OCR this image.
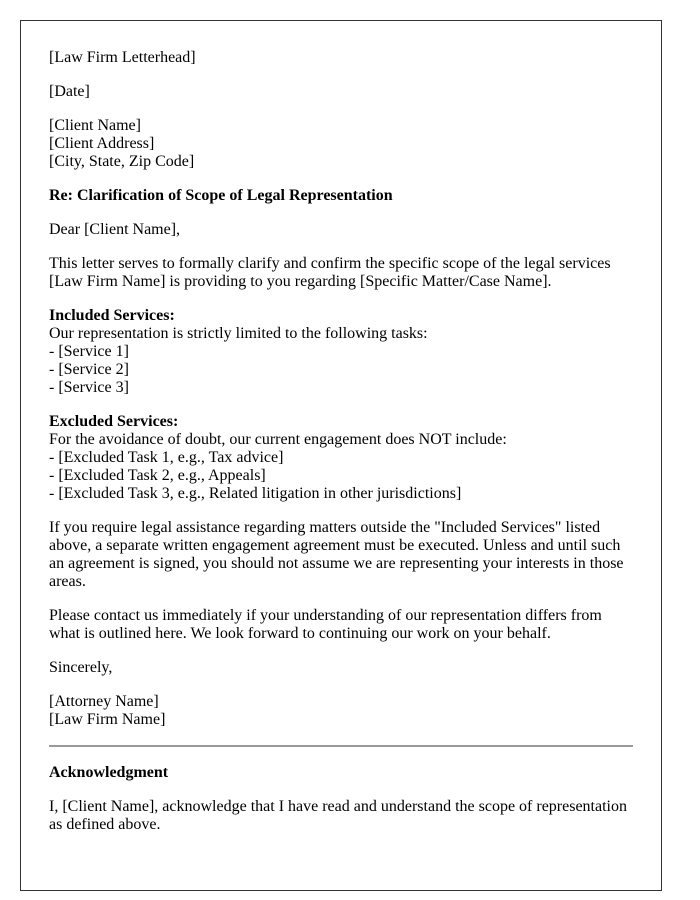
[Law Firm Letterhead]

[Date]

[Client Name]
[Client Address]
[City, State, Zip Code]

Re: Clarification of Scope of Legal Representation

Dear [Client Name],

This letter serves to formally clarify and confirm the specific scope of the legal services
[Law Firm Name] is providing to you regarding [Specific Matter/Case Name].

Included Services:
Our representation is strictly limited to the following tasks:
- [Service 1]
- [Service 2]
- [Service 3]

Excluded Services:
For the avoidance of doubt, our current engagement does NOT include:
- [Excluded Task 1, e.g., Tax advice]
- [Excluded Task 2, e.g., Appeals]
- [Excluded Task 3, e.g., Related litigation in other jurisdictions]

If you require legal assistance regarding matters outside the "Included Services" listed
above, a separate written engagement agreement must be executed. Unless and until such
an agreement is signed, you should not assume we are representing your interests in those
areas.

Please contact us immediately if your understanding of our representation differs from
what is outlined here. We look forward to continuing our work on your behalf.

Sincerely,

[Attorney Name]
[Law Firm Name]

Acknowledgment

I, [Client Name], acknowledge that I have read and understand the scope of representation as defined above.
